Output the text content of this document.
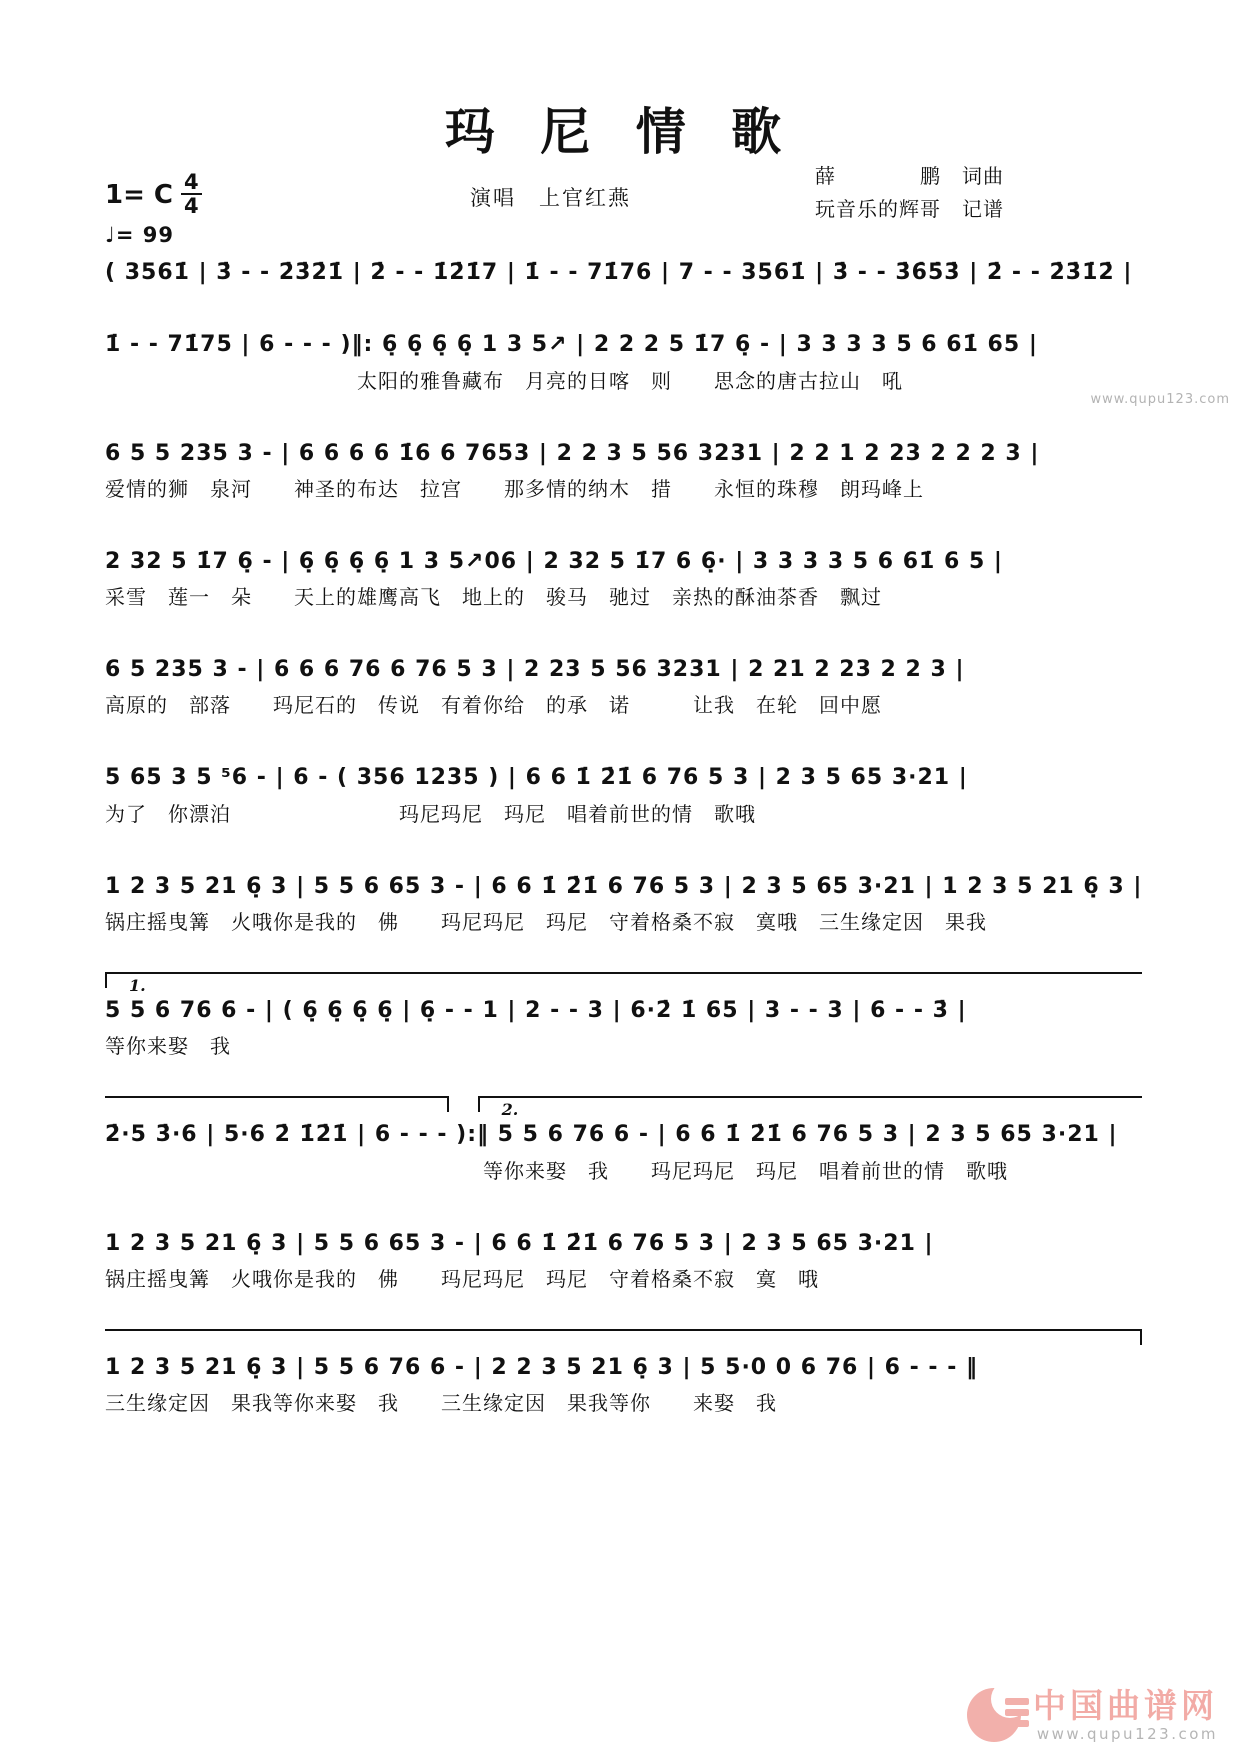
玛 尼 情 歌
1= C $\frac{4}{4}$
♩= 99
演唱　上官红燕
薛　　　　鹏　词曲
玩音乐的辉哥　记谱
www.qupu123.com
( 3561̇ | 3̇ - - 2̇3̇2̇1̇ | 2̇ - - 1̇2̇1̇7 | 1̇ - - 71̇76 | 7 - - 3561̇ | 3̇ - - 3̇6̇5̇3̇ | 2̇ - - 2̇3̇1̇2̇ |
1̇ - - 71̇75 | 6 - - - )‖: 6̣ 6̣ 6̣ 6̣ 1 3 5↗ | 2 2 2 5 1̇7 6̣ - | 3 3 3 3 5 6 61̇ 65 |
　　　　　　　　　　　　太阳的雅鲁藏布　月亮的日喀　则　　思念的唐古拉山　吼
6 5 5 235 3 - | 6 6 6 6 1̇6 6 7653 | 2 2 3 5 56 3231 | 2 2 1 2 23 2 2 2 3 |
爱情的狮　泉河　　神圣的布达　拉宫　　那多情的纳木　措　　永恒的珠穆　朗玛峰上
2 32 5 1̇7 6̣ - | 6̣ 6̣ 6̣ 6̣ 1 3 5↗06 | 2 32 5 1̇7 6 6̣· | 3 3 3 3 5 6 61̇ 6 5 |
采雪　莲一　朵　　天上的雄鹰高飞　地上的　骏马　驰过　亲热的酥油茶香　飘过
6 5 235 3 - | 6 6 6 76 6 76 5 3 | 2 23 5 56 3231 | 2 21 2 23 2 2 3 |
高原的　部落　　玛尼石的　传说　有着你给　的承　诺　　　让我　在轮　回中愿
5 65 3 5 ⁵6 - | 6 - ( 356 1235 ) | 6 6 1̇ 2̇1̇ 6 76 5 3 | 2 3 5 65 3·21 |
为了　你漂泊　　　　　　　　玛尼玛尼　玛尼　唱着前世的情　歌哦
1 2 3 5 21 6̣ 3 | 5 5 6 65 3 - | 6 6 1̇ 2̇1̇ 6 76 5 3 | 2 3 5 65 3·21 | 1 2 3 5 21 6̣ 3 |
锅庄摇曳篝　火哦你是我的　佛　　玛尼玛尼　玛尼　守着格桑不寂　寞哦　三生缘定因　果我
1.
5 5 6 76 6 - | ( 6̣ 6̣ 6̣ 6̣ | 6̣ - - 1 | 2 - - 3 | 6·2̇ 1̇ 65 | 3 - - 3 | 6 - - 3̇ |
等你来娶　我
2.
2̇·5 3̇·6 | 5·6 2̇ 1̇2̇1̇ | 6 - - - ):‖ 5 5 6 76 6 - | 6 6 1̇ 2̇1̇ 6 76 5 3 | 2 3 5 65 3·21 |
　　　　　　　　　　　　　　　　　　等你来娶　我　　玛尼玛尼　玛尼　唱着前世的情　歌哦
1 2 3 5 21 6̣ 3 | 5 5 6 65 3 - | 6 6 1̇ 2̇1̇ 6 76 5 3 | 2 3 5 65 3·21 |
锅庄摇曳篝　火哦你是我的　佛　　玛尼玛尼　玛尼　守着格桑不寂　寞　哦
1 2 3 5 21 6̣ 3 | 5 5 6 76 6 - | 2 2 3 5 21 6̣ 3 | 5 5·0 0 6 76 | 6 - - - ‖
三生缘定因　果我等你来娶　我　　三生缘定因　果我等你　　来娶　我
中国曲谱网
www.qupu123.com
